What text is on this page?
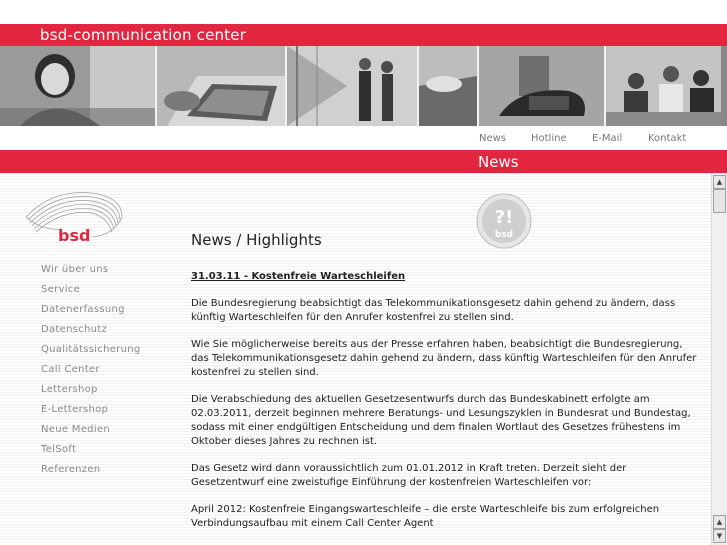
bsd-communication center
News Hotline	E-Mail	Kontakt
News
bsd
Wir über uns
Service
Datenerfassung
Datenschutz
Qualitätssicherung
Call Center
Lettershop
E-Lettershop
Neue Medien
TelSoft
Referenzen
?!
bsd
News / Highlights
31.03.11 - Kostenfreie Warteschleifen

Die Bundesregierung beabsichtigt das Telekommunikationsgesetz dahin gehend zu ändern, dass künftig Warteschleifen für den Anrufer kostenfrei zu stellen sind.

Wie Sie möglicherweise bereits aus der Presse erfahren haben, beabsichtigt die Bundesregierung, das Telekommunikationsgesetz dahin gehend zu ändern, dass künftig Warteschleifen für den Anrufer kostenfrei zu stellen sind.

Die Verabschiedung des aktuellen Gesetzesentwurfs durch das Bundeskabinett erfolgte am 02.03.2011, derzeit beginnen mehrere Beratungs- und Lesungszyklen in Bundesrat und Bundestag, sodass mit einer endgültigen Entscheidung und dem finalen Wortlaut des Gesetzes frühestens im Oktober dieses Jahres zu rechnen ist.

Das Gesetz wird dann voraussichtlich zum 01.01.2012 in Kraft treten. Derzeit sieht der Gesetzentwurf eine zweistufige Einführung der kostenfreien Warteschleifen vor:

April 2012: Kostenfreie Eingangswarteschleife – die erste Warteschleife bis zum erfolgreichen Verbindungsaufbau mit einem Call Center Agent

▲
▲
▼
